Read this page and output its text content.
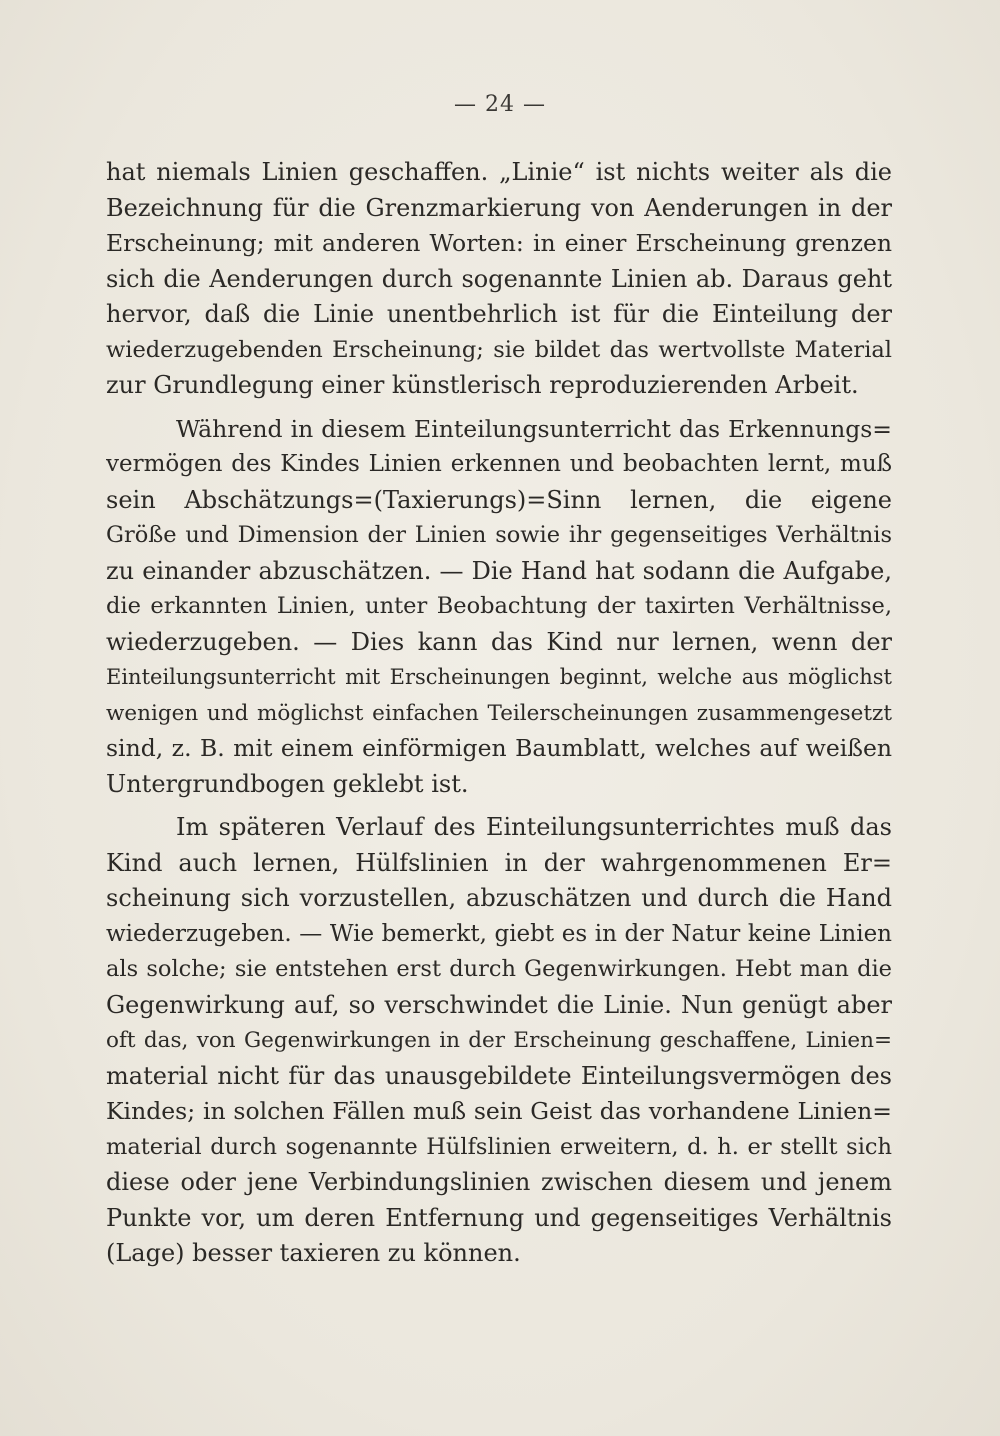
— 24 —
hat niemals Linien geschaffen. „Linie“ ist nichts weiter als die
Bezeichnung für die Grenzmarkierung von Aenderungen in der
Erscheinung; mit anderen Worten: in einer Erscheinung grenzen
sich die Aenderungen durch sogenannte Linien ab. Daraus geht
hervor, daß die Linie unentbehrlich ist für die Einteilung der
wiederzugebenden Erscheinung; sie bildet das wertvollste Material
zur Grundlegung einer künstlerisch reproduzierenden Arbeit.
Während in diesem Einteilungsunterricht das Erkennungs=
vermögen des Kindes Linien erkennen und beobachten lernt, muß
sein Abschätzungs=(Taxierungs)=Sinn lernen, die eigene
Größe und Dimension der Linien sowie ihr gegenseitiges Verhältnis
zu einander abzuschätzen. — Die Hand hat sodann die Aufgabe,
die erkannten Linien, unter Beobachtung der taxirten Verhältnisse,
wiederzugeben. — Dies kann das Kind nur lernen, wenn der
Einteilungsunterricht mit Erscheinungen beginnt, welche aus möglichst
wenigen und möglichst einfachen Teilerscheinungen zusammengesetzt
sind, z. B. mit einem einförmigen Baumblatt, welches auf weißen
Untergrundbogen geklebt ist.
Im späteren Verlauf des Einteilungsunterrichtes muß das
Kind auch lernen, Hülfslinien in der wahrgenommenen Er=
scheinung sich vorzustellen, abzuschätzen und durch die Hand
wiederzugeben. — Wie bemerkt, giebt es in der Natur keine Linien
als solche; sie entstehen erst durch Gegenwirkungen. Hebt man die
Gegenwirkung auf, so verschwindet die Linie. Nun genügt aber
oft das, von Gegenwirkungen in der Erscheinung geschaffene, Linien=
material nicht für das unausgebildete Einteilungsvermögen des
Kindes; in solchen Fällen muß sein Geist das vorhandene Linien=
material durch sogenannte Hülfslinien erweitern, d. h. er stellt sich
diese oder jene Verbindungslinien zwischen diesem und jenem
Punkte vor, um deren Entfernung und gegenseitiges Verhältnis
(Lage) besser taxieren zu können.
